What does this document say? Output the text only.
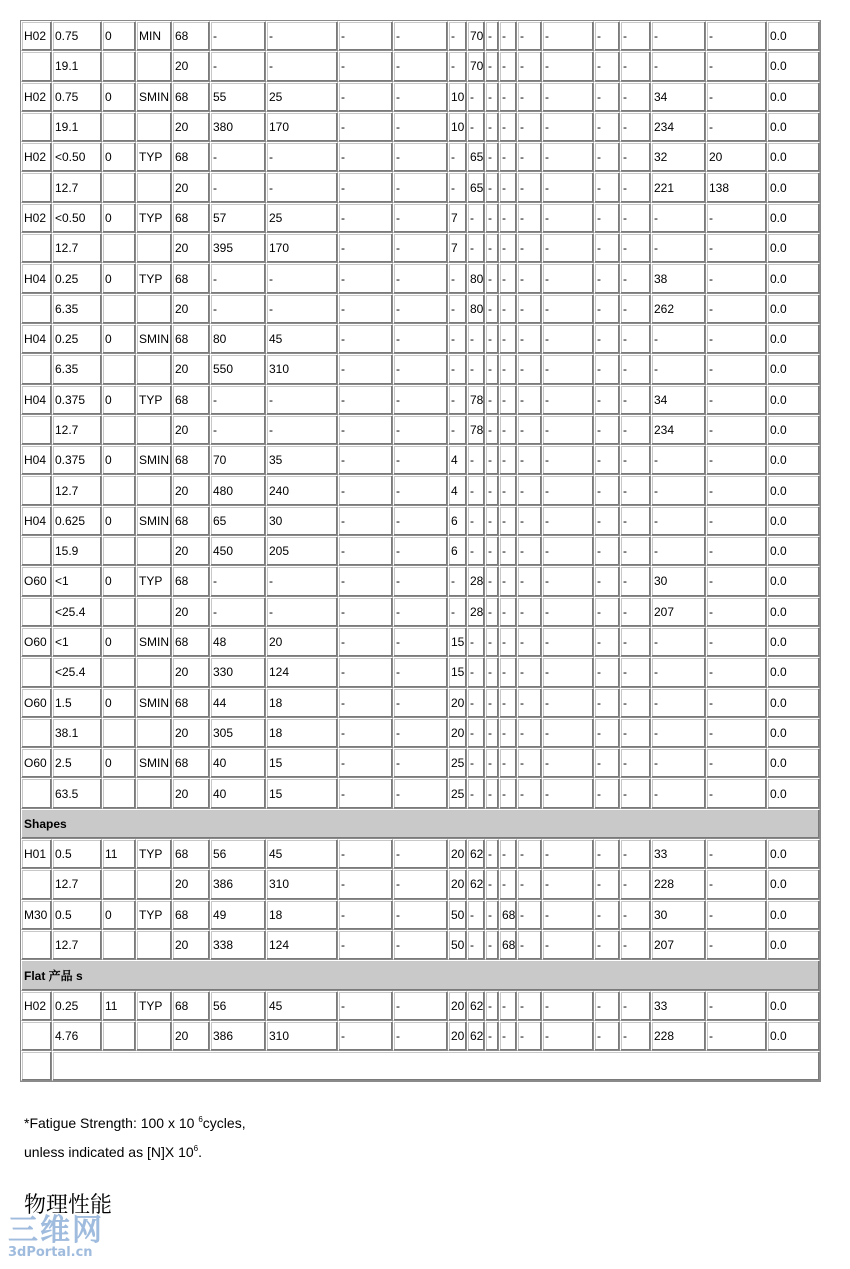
H02	0.75	0	MIN	68	-	-	-	-	-	70	-	-	-	-	-	-	-	-	0.0
	19.1			20	-	-	-	-	-	70	-	-	-	-	-	-	-	-	0.0
H02	0.75	0	SMIN	68	55	25	-	-	10	-	-	-	-	-	-	-	34	-	0.0
	19.1			20	380	170	-	-	10	-	-	-	-	-	-	-	234	-	0.0
H02	<0.50	0	TYP	68	-	-	-	-	-	65	-	-	-	-	-	-	32	20	0.0
	12.7			20	-	-	-	-	-	65	-	-	-	-	-	-	221	138	0.0
H02	<0.50	0	TYP	68	57	25	-	-	7	-	-	-	-	-	-	-	-	-	0.0
	12.7			20	395	170	-	-	7	-	-	-	-	-	-	-	-	-	0.0
H04	0.25	0	TYP	68	-	-	-	-	-	80	-	-	-	-	-	-	38	-	0.0
	6.35			20	-	-	-	-	-	80	-	-	-	-	-	-	262	-	0.0
H04	0.25	0	SMIN	68	80	45	-	-	-	-	-	-	-	-	-	-	-	-	0.0
	6.35			20	550	310	-	-	-	-	-	-	-	-	-	-	-	-	0.0
H04	0.375	0	TYP	68	-	-	-	-	-	78	-	-	-	-	-	-	34	-	0.0
	12.7			20	-	-	-	-	-	78	-	-	-	-	-	-	234	-	0.0
H04	0.375	0	SMIN	68	70	35	-	-	4	-	-	-	-	-	-	-	-	-	0.0
	12.7			20	480	240	-	-	4	-	-	-	-	-	-	-	-	-	0.0
H04	0.625	0	SMIN	68	65	30	-	-	6	-	-	-	-	-	-	-	-	-	0.0
	15.9			20	450	205	-	-	6	-	-	-	-	-	-	-	-	-	0.0
O60	<1	0	TYP	68	-	-	-	-	-	28	-	-	-	-	-	-	30	-	0.0
	<25.4			20	-	-	-	-	-	28	-	-	-	-	-	-	207	-	0.0
O60	<1	0	SMIN	68	48	20	-	-	15	-	-	-	-	-	-	-	-	-	0.0
	<25.4			20	330	124	-	-	15	-	-	-	-	-	-	-	-	-	0.0
O60	1.5	0	SMIN	68	44	18	-	-	20	-	-	-	-	-	-	-	-	-	0.0
	38.1			20	305	18	-	-	20	-	-	-	-	-	-	-	-	-	0.0
O60	2.5	0	SMIN	68	40	15	-	-	25	-	-	-	-	-	-	-	-	-	0.0
	63.5			20	40	15	-	-	25	-	-	-	-	-	-	-	-	-	0.0
Shapes																			
H01	0.5	11	TYP	68	56	45	-	-	20	62	-	-	-	-	-	-	33	-	0.0
	12.7			20	386	310	-	-	20	62	-	-	-	-	-	-	228	-	0.0
M30	0.5	0	TYP	68	49	18	-	-	50	-	-	68	-	-	-	-	30	-	0.0
	12.7			20	338	124	-	-	50	-	-	68	-	-	-	-	207	-	0.0
Flat 产品 s																			
H02	0.25	11	TYP	68	56	45	-	-	20	62	-	-	-	-	-	-	33	-	0.0
	4.76			20	386	310	-	-	20	62	-	-	-	-	-	-	228	-	0.0

*Fatigue Strength: 100 x 10 $^6$cycles,
unless indicated as [N]X $10^6$.
物理性能
三维网
3dPortal.cn
